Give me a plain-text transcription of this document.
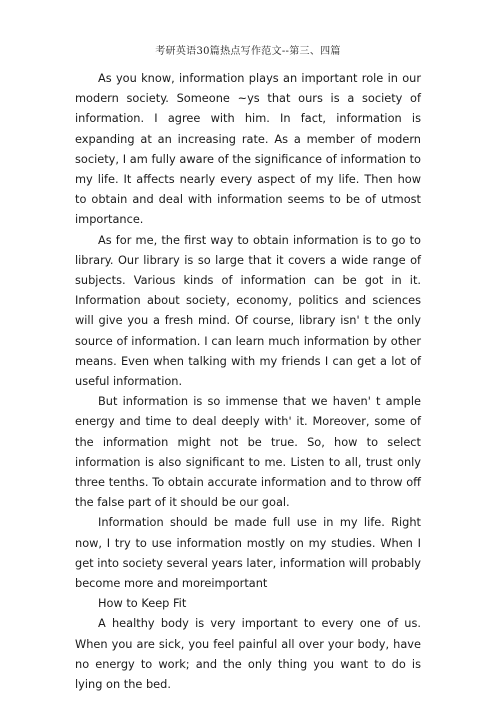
考研英语30篇热点写作范文--第三、四篇

As you know, information plays an important role in our modern society. Someone ~ys that ours is a society of information. I agree with him. In fact, information is expanding at an increasing rate. As a member of modern society, I am fully aware of the significance of information to my life. It affects nearly every aspect of my life. Then how to obtain and deal with information seems to be of utmost importance.

As for me, the first way to obtain information is to go to library. Our library is so large that it covers a wide range of subjects. Various kinds of information can be got in it. Information about society, economy, politics and sciences will give you a fresh mind. Of course, library isn' t the only source of information. I can learn much information by other means. Even when talking with my friends I can get a lot of useful information.

But information is so immense that we haven' t ample energy and time to deal deeply with' it. Moreover, some of the information might not be true. So, how to select information is also significant to me. Listen to all, trust only three tenths. To obtain accurate information and to throw off the false part of it should be our goal.

Information should be made full use in my life. Right now, I try to use information mostly on my studies. When I get into society several years later, information will probably become more and moreimportant

How to Keep Fit

A healthy body is very important to every one of us. When you are sick, you feel painful all over your body, have no energy to work; and the only thing you want to do is lying on the bed.
